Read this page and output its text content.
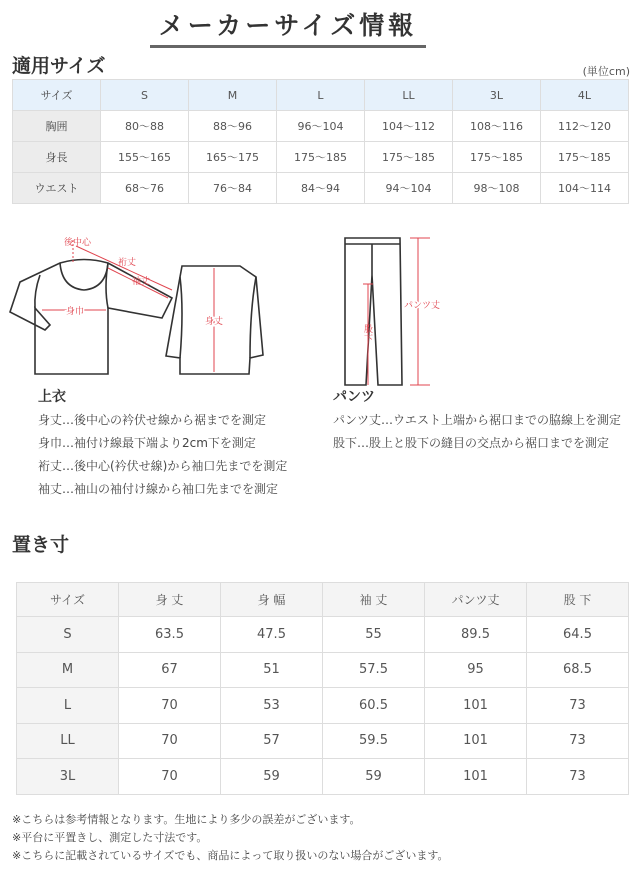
メーカーサイズ情報
適用サイズ	(単位cm)
サイズ	S	M	L	LL	3L	4L
胸囲	80〜88	88〜96	96〜104	104〜112	108〜116	112〜120
身長	155〜165	165〜175	175〜185	175〜185	175〜185	175〜185
ウエスト	68〜76	76〜84	84〜94	94〜104	98〜108	104〜114
後中心
裄丈
袖丈
身巾
身丈
パンツ丈
股
下
上衣
身丈…後中心の衿伏せ線から裾までを測定
身巾…袖付け線最下端より2cm下を測定
裄丈…後中心(衿伏せ線)から袖口先までを測定
袖丈…袖山の袖付け線から袖口先までを測定
パンツ
パンツ丈…ウエスト上端から裾口までの脇線上を測定
股下…股上と股下の縫目の交点から裾口までを測定
置き寸
サイズ	身 丈	身 幅	袖 丈	パンツ丈	股 下
S	63.5	47.5	55	89.5	64.5
M	67	51	57.5	95	68.5
L	70	53	60.5	101	73
LL	70	57	59.5	101	73
3L	70	59	59	101	73
※こちらは参考情報となります。生地により多少の誤差がございます。
※平台に平置きし、測定した寸法です。
※こちらに記載されているサイズでも、商品によって取り扱いのない場合がございます。
